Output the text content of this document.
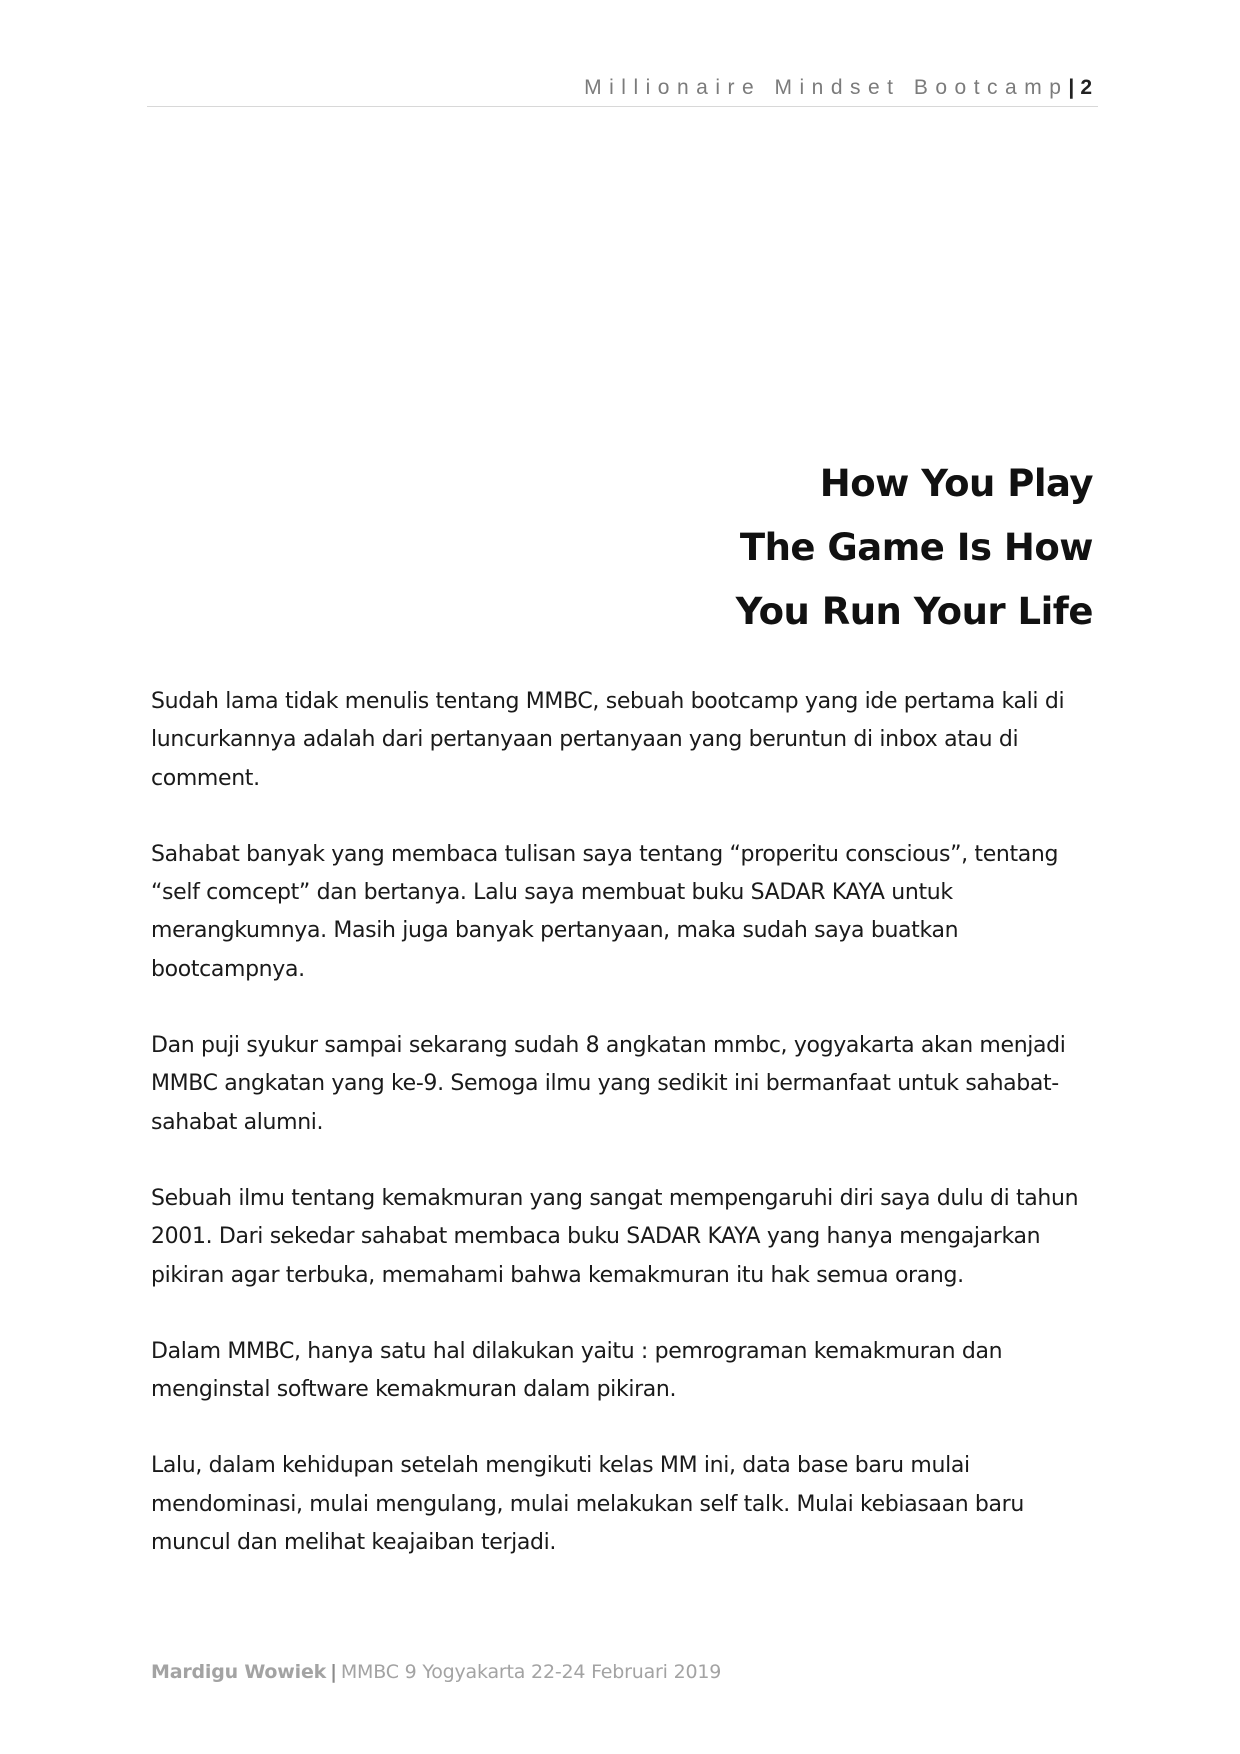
Millionaire Mindset Bootcamp| 2
How You Play
The Game Is How
You Run Your Life

Sudah lama tidak menulis tentang MMBC, sebuah bootcamp yang ide pertama kali di luncurkannya adalah dari pertanyaan pertanyaan yang beruntun di inbox atau di comment.

Sahabat banyak yang membaca tulisan saya tentang “properitu conscious”, tentang “self comcept” dan bertanya. Lalu saya membuat buku SADAR KAYA untuk merangkumnya. Masih juga banyak pertanyaan, maka sudah saya buatkan bootcampnya.

Dan puji syukur sampai sekarang sudah 8 angkatan mmbc, yogyakarta akan menjadi MMBC angkatan yang ke-9. Semoga ilmu yang sedikit ini bermanfaat untuk sahabat-sahabat alumni.

Sebuah ilmu tentang kemakmuran yang sangat mempengaruhi diri saya dulu di tahun 2001. Dari sekedar sahabat membaca buku SADAR KAYA yang hanya mengajarkan pikiran agar terbuka, memahami bahwa kemakmuran itu hak semua orang.

Dalam MMBC, hanya satu hal dilakukan yaitu : pemrograman kemakmuran dan menginstal software kemakmuran dalam pikiran.

Lalu, dalam kehidupan setelah mengikuti kelas MM ini, data base baru mulai mendominasi, mulai mengulang, mulai melakukan self talk. Mulai kebiasaan baru muncul dan melihat keajaiban terjadi.

Mardigu Wowiek | MMBC 9 Yogyakarta 22-24 Februari 2019
